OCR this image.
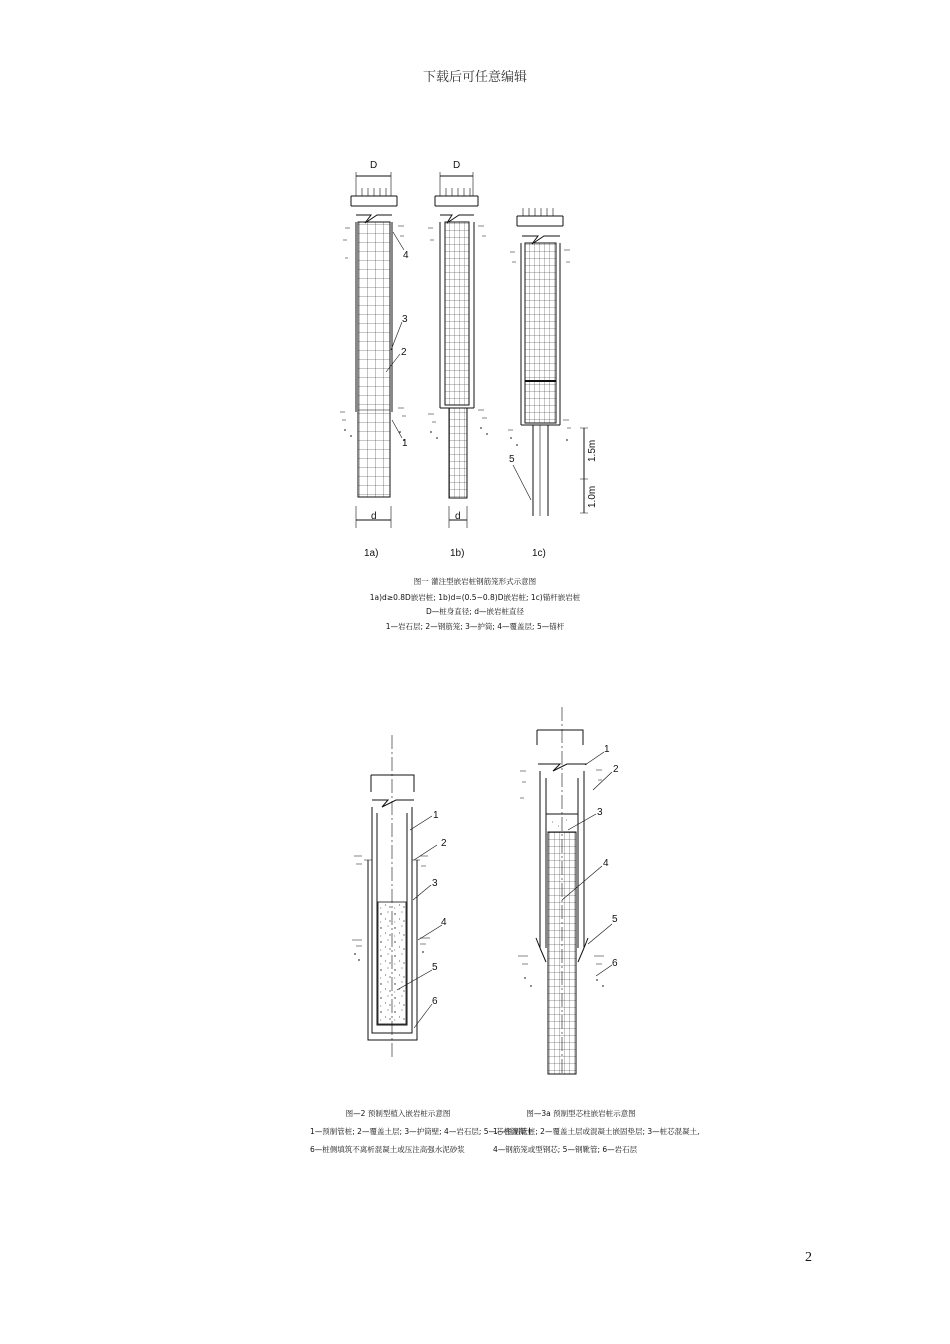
下载后可任意编辑
2
D	D
d	d
1.5m
1.0m
4
3
2
1
5
1a)	1b)	1c)
图一 灌注型嵌岩桩钢筋笼形式示意图
1a)d≥0.8D嵌岩桩; 1b)d=(0.5~0.8)D嵌岩桩; 1c)锚杆嵌岩桩
D—桩身直径; d—嵌岩桩直径
1—岩石层; 2—钢筋笼; 3—护筒; 4—覆盖层; 5—锚杆
1
2
3
4
5
6
1
2
3
4
5
6
图—2 预制型植入嵌岩桩示意图
1—预制管桩; 2—覆盖土层; 3—护筒壁; 4—岩石层; 5—芯柱混凝土
6—桩侧填筑不离析混凝土或压注高强水泥砂浆
图—3a 预制型芯柱嵌岩桩示意图
1—预制管桩; 2—覆盖土层或混凝土嵌固垫层; 3—桩芯混凝土,
4—钢筋笼或型钢芯; 5—钢靴管; 6—岩石层
